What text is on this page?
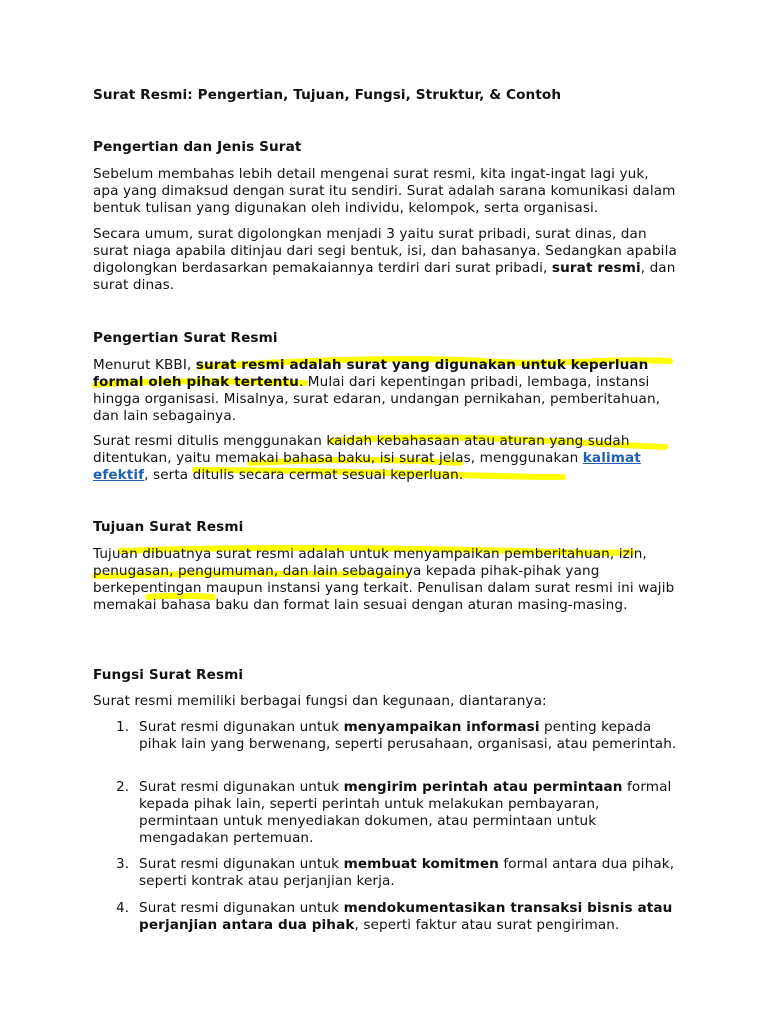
Surat Resmi: Pengertian, Tujuan, Fungsi, Struktur, & Contoh

Pengertian dan Jenis Surat

Sebelum membahas lebih detail mengenai surat resmi, kita ingat-ingat lagi yuk, apa yang dimaksud dengan surat itu sendiri. Surat adalah sarana komunikasi dalam bentuk tulisan yang digunakan oleh individu, kelompok, serta organisasi.

Secara umum, surat digolongkan menjadi 3 yaitu surat pribadi, surat dinas, dan surat niaga apabila ditinjau dari segi bentuk, isi, dan bahasanya. Sedangkan apabila digolongkan berdasarkan pemakaiannya terdiri dari surat pribadi, surat resmi, dan surat dinas.

Pengertian Surat Resmi

Menurut KBBI, surat resmi adalah surat yang digunakan untuk keperluan formal oleh pihak tertentu. Mulai dari kepentingan pribadi, lembaga, instansi hingga organisasi. Misalnya, surat edaran, undangan pernikahan, pemberitahuan, dan lain sebagainya.

Surat resmi ditulis menggunakan kaidah kebahasaan atau aturan yang sudah ditentukan, yaitu memakai bahasa baku, isi surat jelas, menggunakan kalimat efektif, serta ditulis secara cermat sesuai keperluan.

Tujuan Surat Resmi

Tujuan dibuatnya surat resmi adalah untuk menyampaikan pemberitahuan, izin, penugasan, pengumuman, dan lain sebagainya kepada pihak-pihak yang berkepentingan maupun instansi yang terkait. Penulisan dalam surat resmi ini wajib memakai bahasa baku dan format lain sesuai dengan aturan masing-masing.

Fungsi Surat Resmi

Surat resmi memiliki berbagai fungsi dan kegunaan, diantaranya:

1. Surat resmi digunakan untuk menyampaikan informasi penting kepada pihak lain yang berwenang, seperti perusahaan, organisasi, atau pemerintah.
2. Surat resmi digunakan untuk mengirim perintah atau permintaan formal kepada pihak lain, seperti perintah untuk melakukan pembayaran, permintaan untuk menyediakan dokumen, atau permintaan untuk mengadakan pertemuan.
3. Surat resmi digunakan untuk membuat komitmen formal antara dua pihak, seperti kontrak atau perjanjian kerja.
4. Surat resmi digunakan untuk mendokumentasikan transaksi bisnis atau perjanjian antara dua pihak, seperti faktur atau surat pengiriman.
